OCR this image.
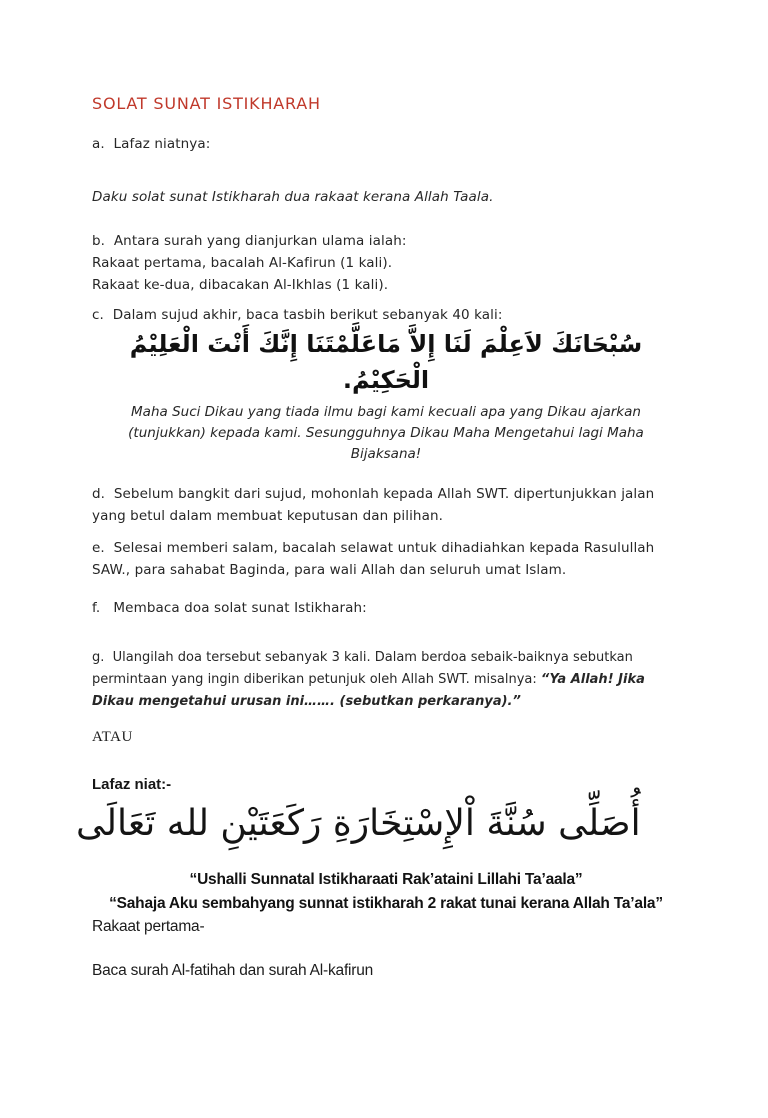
SOLAT SUNAT ISTIKHARAH

a.  Lafaz niatnya:

Daku solat sunat Istikharah dua rakaat kerana Allah Taala.

b.  Antara surah yang dianjurkan ulama ialah:

Rakaat pertama, bacalah Al-Kafirun (1 kali).

Rakaat ke-dua, dibacakan Al-Ikhlas (1 kali).

c.  Dalam sujud akhir, baca tasbih berikut sebanyak 40 kali:

سُبْحَانَكَ لاَعِلْمَ لَنَا إِلاَّ مَاعَلَّمْتَنَا إِنَّكَ أَنْتَ الْعَلِيْمُ الْحَكِيْمُ.

Maha Suci Dikau yang tiada ilmu bagi kami kecuali apa yang Dikau ajarkan (tunjukkan) kepada kami. Sesungguhnya Dikau Maha Mengetahui lagi Maha Bijaksana!

d.  Sebelum bangkit dari sujud, mohonlah kepada Allah SWT. dipertunjukkan jalan yang betul dalam membuat keputusan dan pilihan.

e.  Selesai memberi salam, bacalah selawat untuk dihadiahkan kepada Rasulullah SAW., para sahabat Baginda, para wali Allah dan seluruh umat Islam.

f.   Membaca doa solat sunat Istikharah:

g.  Ulangilah doa tersebut sebanyak 3 kali. Dalam berdoa sebaik-baiknya sebutkan permintaan yang ingin diberikan petunjuk oleh Allah SWT. misalnya: “Ya Allah! Jika Dikau mengetahui urusan ini……. (sebutkan perkaranya).”

ATAU

Lafaz niat:-

أُصَلِّى سُنَّةَ اْلإِسْتِخَارَةِ رَكَعَتَيْنِ لله تَعَالَى

“Ushalli Sunnatal Istikharaati Rak’ataini Lillahi Ta’aala”

“Sahaja Aku sembahyang sunnat istikharah 2 rakat tunai kerana Allah Ta’ala”

Rakaat pertama-

Baca surah Al-fatihah dan surah Al-kafirun
